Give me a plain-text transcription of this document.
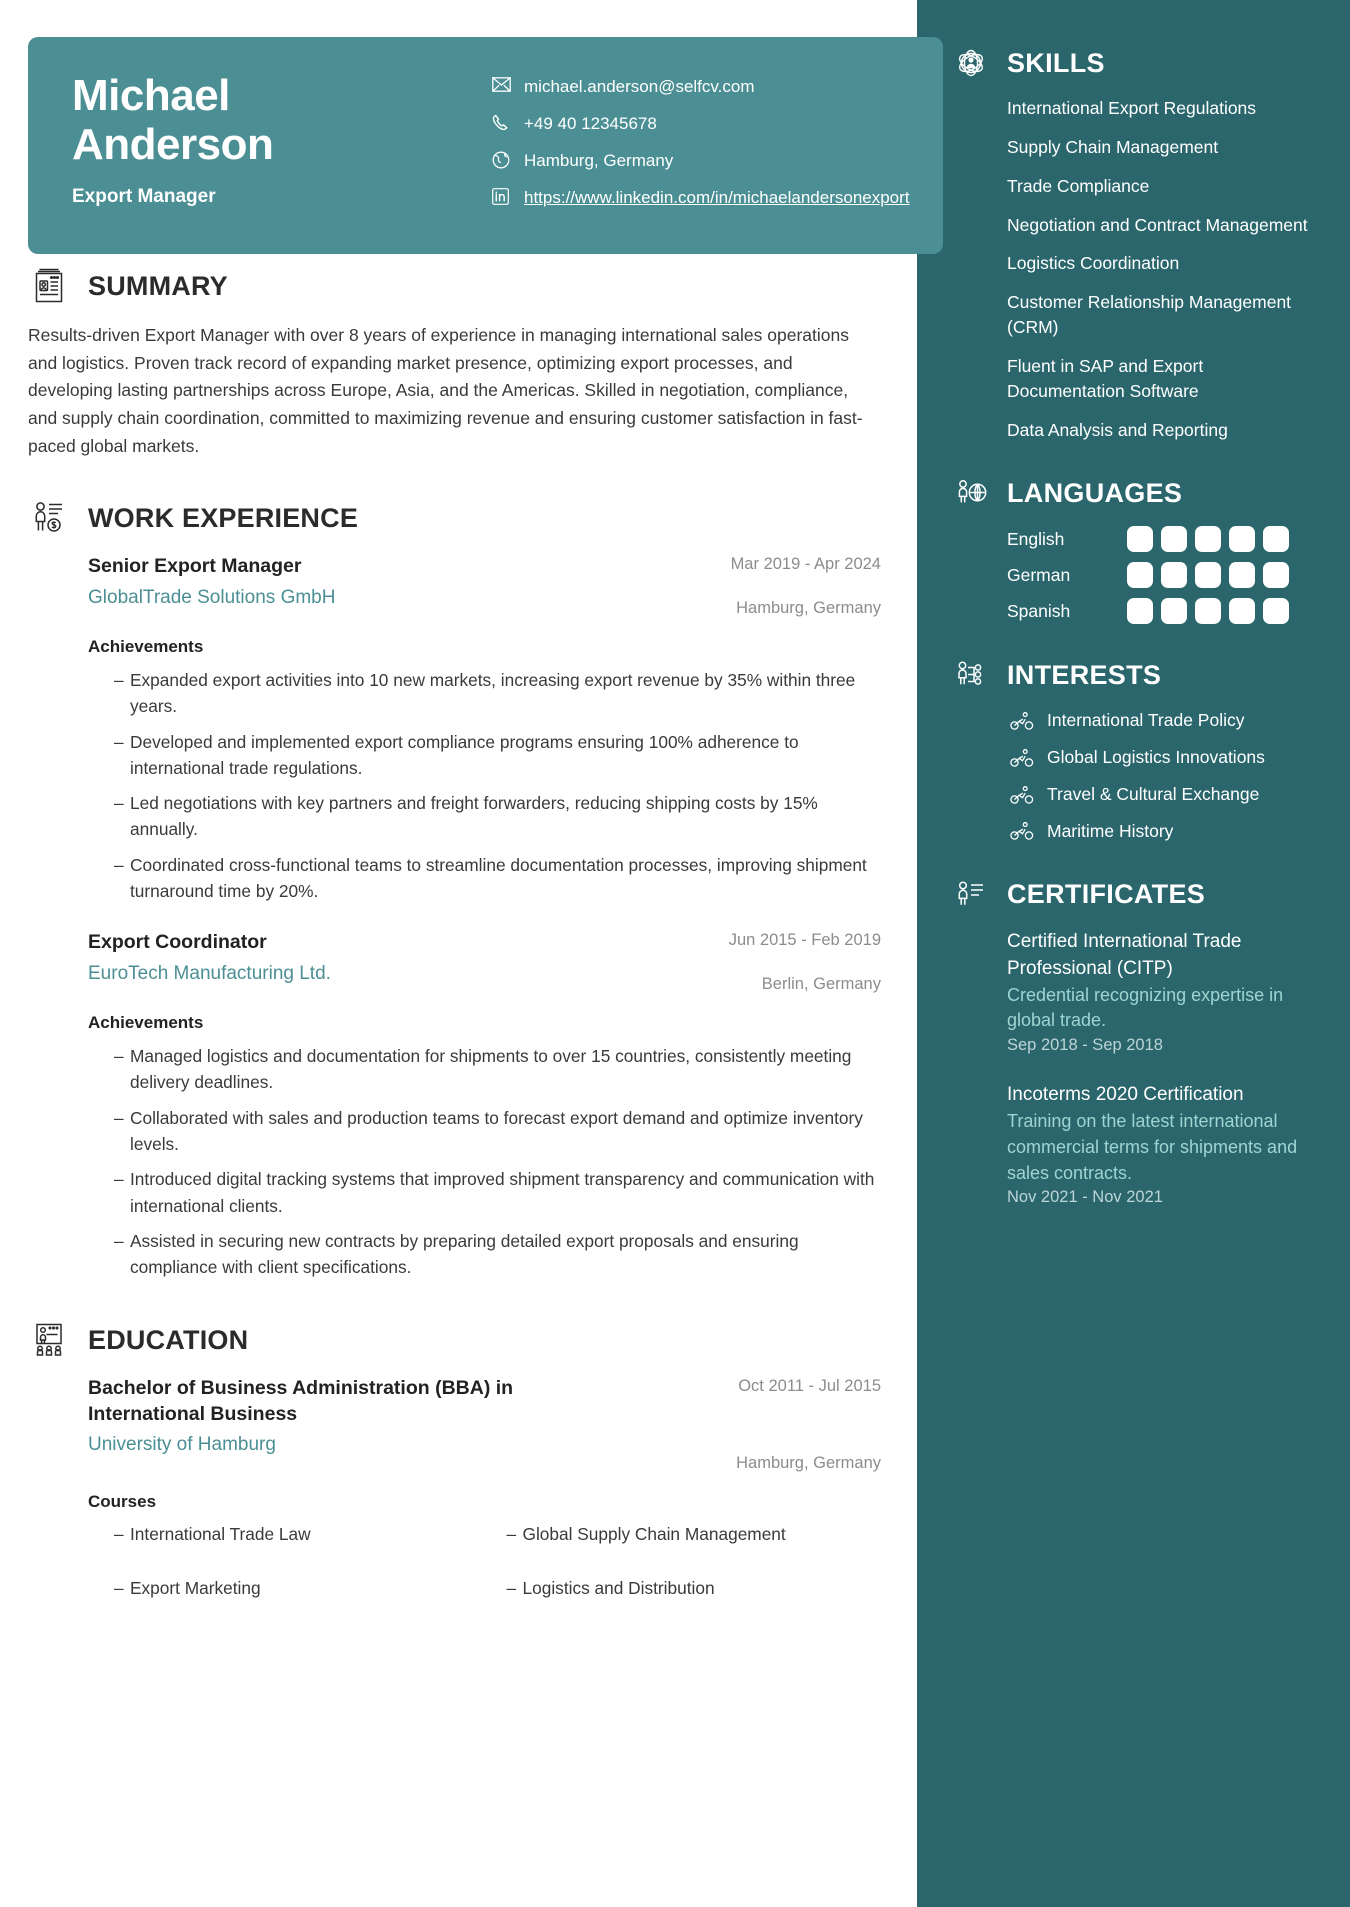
SKILLS
International Export Regulations
Supply Chain Management
Trade Compliance
Negotiation and Contract Management
Logistics Coordination
Customer Relationship Management (CRM)
Fluent in SAP and Export Documentation Software
Data Analysis and Reporting
LANGUAGES
English
German
Spanish
INTERESTS
International Trade Policy
Global Logistics Innovations
Travel & Cultural Exchange
Maritime History
CERTIFICATES
Certified International Trade Professional (CITP)
Credential recognizing expertise in global trade.
Sep 2018 - Sep 2018
Incoterms 2020 Certification
Training on the latest international commercial terms for shipments and sales contracts.
Nov 2021 - Nov 2021
Michael
Anderson
Export Manager
michael.anderson@selfcv.com
+49 40 12345678
Hamburg, Germany
https://www.linkedin.com/in/michaelandersonexport
SUMMARY

Results-driven Export Manager with over 8 years of experience in managing international sales operations and logistics. Proven track record of expanding market presence, optimizing export processes, and developing lasting partnerships across Europe, Asia, and the Americas. Skilled in negotiation, compliance, and supply chain coordination, committed to maximizing revenue and ensuring customer satisfaction in fast-paced global markets.

WORK EXPERIENCE
Senior Export Manager
GlobalTrade Solutions GmbH
Mar 2019 - Apr 2024
Hamburg, Germany
Achievements
– Expanded export activities into 10 new markets, increasing export revenue by 35% within three years.
– Developed and implemented export compliance programs ensuring 100% adherence to international trade regulations.
– Led negotiations with key partners and freight forwarders, reducing shipping costs by 15% annually.
– Coordinated cross-functional teams to streamline documentation processes, improving shipment turnaround time by 20%.
Export Coordinator
EuroTech Manufacturing Ltd.
Jun 2015 - Feb 2019
Berlin, Germany
Achievements
– Managed logistics and documentation for shipments to over 15 countries, consistently meeting delivery deadlines.
– Collaborated with sales and production teams to forecast export demand and optimize inventory levels.
– Introduced digital tracking systems that improved shipment transparency and communication with international clients.
– Assisted in securing new contracts by preparing detailed export proposals and ensuring compliance with client specifications.
EDUCATION
Bachelor of Business Administration (BBA) in International Business
University of Hamburg
Oct 2011 - Jul 2015
Hamburg, Germany
Courses
– International Trade Law	– Global Supply Chain Management
– Export Marketing	– Logistics and Distribution
